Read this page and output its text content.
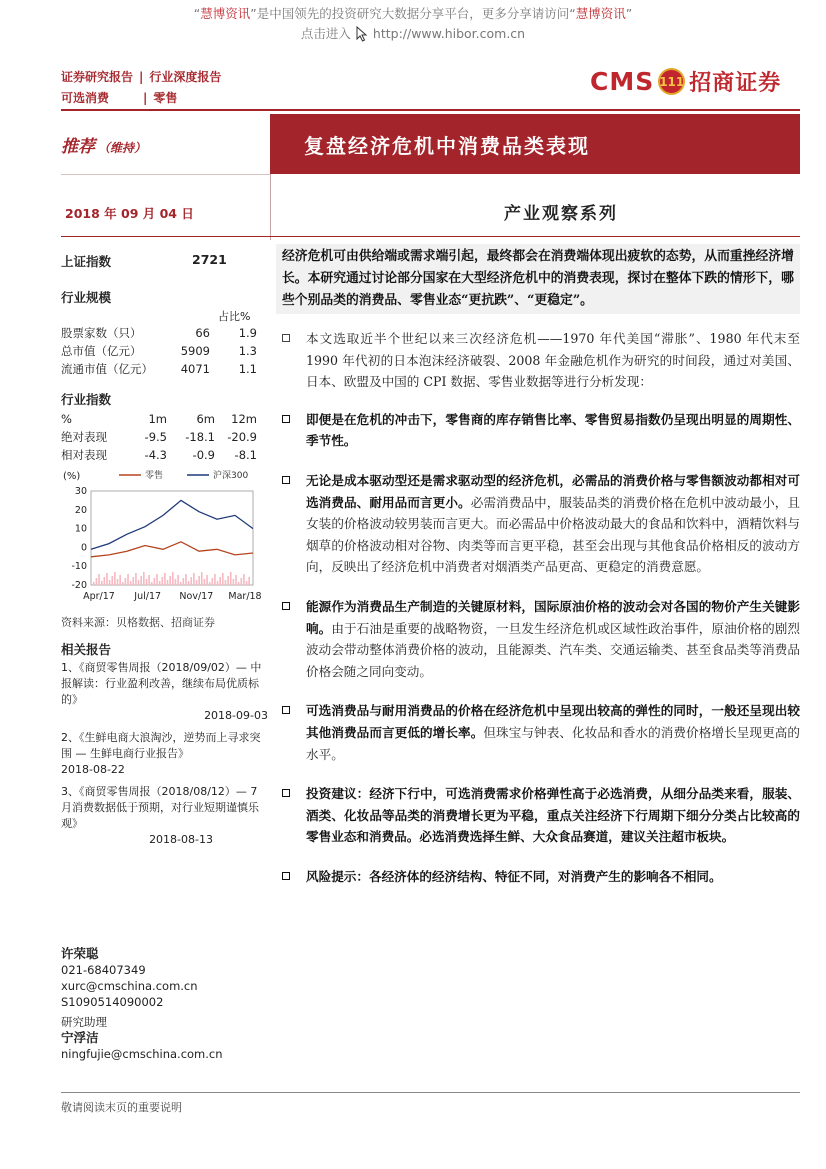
“慧博资讯”是中国领先的投资研究大数据分享平台，更多分享请访问“慧博资讯”
点击进入 http://www.hibor.com.cn
证券研究报告 | 行业深度报告
可选消费	| 零售
CMS 111 招商证券
推荐 （维持）	复盘经济危机中消费品类表现
2018 年 09 月 04 日	产业观察系列
上证指数	2721
行业规模
占比%
股票家数（只）	66 1.9
总市值（亿元）	5909 1.3
流通市值（亿元） 4071 1.1
行业指数
%	1m	6m	12m
绝对表现	-9.5	-18.1	-20.9
相对表现	-4.3	-0.9	-8.1
(%)	零售	沪深300
30
20
10
0
-10
-20
Apr/17 Jul/17 Nov/17 Mar/18
资料来源：贝格数据、招商证券
相关报告
1、《商贸零售周报（2018/09/02）— 中报解读：行业盈利改善，继续布局优质标的》
2018-09-03
2、《生鲜电商大浪淘沙，逆势而上寻求突围 — 生鲜电商行业报告》
2018-08-22
3、《商贸零售周报（2018/08/12）— 7月消费数据低于预期，对行业短期谨慎乐观》
2018-08-13
许荣聪
021-68407349
xurc@cmschina.com.cn
S1090514090002
研究助理
宁浮洁
ningfujie@cmschina.com.cn
敬请阅读末页的重要说明
经济危机可由供给端或需求端引起，最终都会在消费端体现出疲软的态势，从而重挫经济增长。本研究通过讨论部分国家在大型经济危机中的消费表现，探讨在整体下跌的情形下，哪些个别品类的消费品、零售业态“更抗跌”、“更稳定”。

本文选取近半个世纪以来三次经济危机——1970 年代美国“滞胀”、1980 年代末至 1990 年代初的日本泡沫经济破裂、2008 年金融危机作为研究的时间段，通过对美国、日本、欧盟及中国的 CPI 数据、零售业数据等进行分析发现：

即便是在危机的冲击下，零售商的库存销售比率、零售贸易指数仍呈现出明显的周期性、季节性。

无论是成本驱动型还是需求驱动型的经济危机，必需品的消费价格与零售额波动都相对可选消费品、耐用品而言更小。必需消费品中，服装品类的消费价格在危机中波动最小，且女装的价格波动较男装而言更大。而必需品中价格波动最大的食品和饮料中，酒精饮料与烟草的价格波动相对谷物、肉类等而言更平稳，甚至会出现与其他食品价格相反的波动方向，反映出了经济危机中消费者对烟酒类产品更高、更稳定的消费意愿。

能源作为消费品生产制造的关键原材料，国际原油价格的波动会对各国的物价产生关键影响。由于石油是重要的战略物资，一旦发生经济危机或区域性政治事件，原油价格的剧烈波动会带动整体消费价格的波动，且能源类、汽车类、交通运输类、甚至食品类等消费品价格会随之同向变动。

可选消费品与耐用消费品的价格在经济危机中呈现出较高的弹性的同时，一般还呈现出较其他消费品而言更低的增长率。但珠宝与钟表、化妆品和香水的消费价格增长呈现更高的水平。

投资建议：经济下行中，可选消费需求价格弹性高于必选消费，从细分品类来看，服装、酒类、化妆品等品类的消费增长更为平稳，重点关注经济下行周期下细分分类占比较高的零售业态和消费品。必选消费选择生鲜、大众食品赛道，建议关注超市板块。

风险提示：各经济体的经济结构、特征不同，对消费产生的影响各不相同。
